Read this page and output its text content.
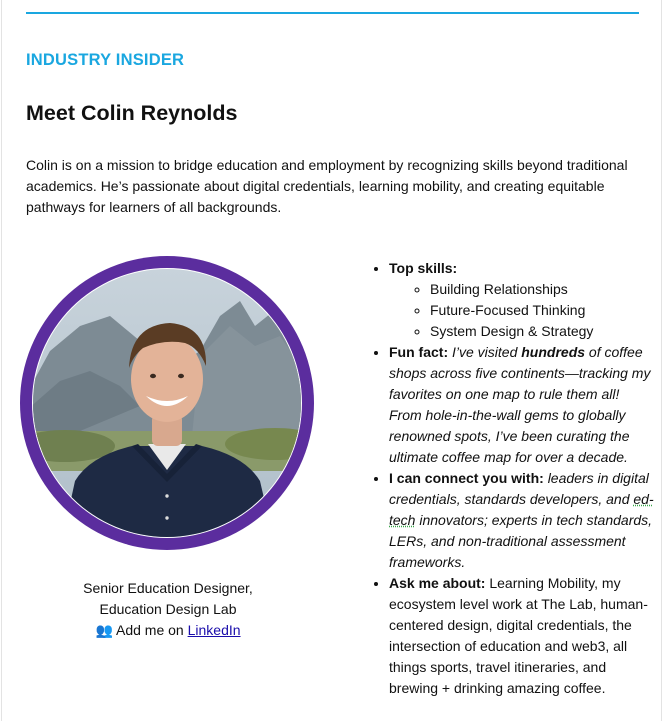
INDUSTRY INSIDER
Meet Colin Reynolds

Colin is on a mission to bridge education and employment by recognizing skills beyond traditional academics. He’s passionate about digital credentials, learning mobility, and creating equitable pathways for learners of all backgrounds.

Senior Education Designer,
Education Design Lab
👥 Add me on LinkedIn
• Top skills:
◦ Building Relationships
◦ Future-Focused Thinking
◦ System Design & Strategy
• Fun fact: I’ve visited hundreds of coffee shops across five continents—tracking my favorites on one map to rule them all! From hole-in-the-wall gems to globally renowned spots, I’ve been curating the ultimate coffee map for over a decade.
• I can connect you with: leaders in digital credentials, standards developers, and ed-tech innovators; experts in tech standards, LERs, and non-traditional assessment frameworks.
• Ask me about: Learning Mobility, my ecosystem level work at The Lab, human-centered design, digital credentials, the intersection of education and web3, all things sports, travel itineraries, and brewing + drinking amazing coffee.
